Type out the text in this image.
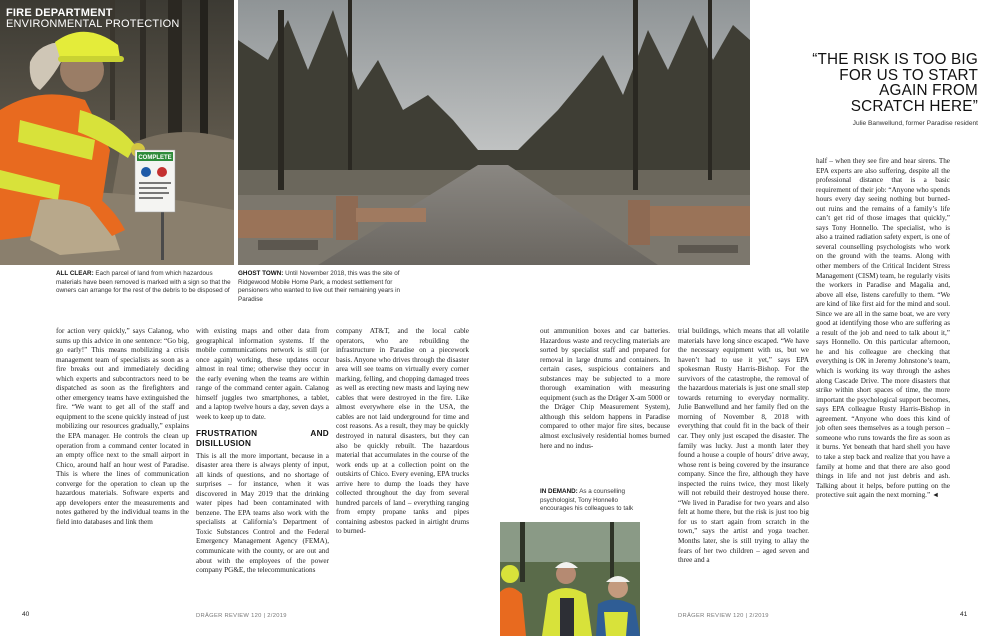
COMPLETE
FIRE DEPARTMENT
ENVIRONMENTAL PROTECTION
ALL CLEAR: Each parcel of land from which hazardous materials have been removed is marked with a sign so that the owners can arrange for the rest of the debris to be disposed of
GHOST TOWN: Until November 2018, this was the site of Ridgewood Mobile Home Park, a modest settlement for pensioners who wanted to live out their remaining years in Paradise
“THE RISK IS TOO BIG FOR US TO START AGAIN FROM SCRATCH HERE”
Julie Banwellund, former Paradise resident

for action very quickly,” says Calanog, who sums up this advice in one sentence: “Go big, go early!” This means mobilizing a crisis management team of specialists as soon as a fire breaks out and immediately deciding which experts and subcontractors need to be dispatched as soon as the firefighters and other emergency teams have extinguished the fire. “We want to get all of the staff and equipment to the scene quickly instead of just mobilizing our resources gradually,” explains the EPA manager. He controls the clean up operation from a command center located in an empty office next to the small airport in Chico, around half an hour west of Paradise. This is where the lines of communication converge for the operation to clean up the hazardous materials. Software experts and app developers enter the measurements and notes gathered by the individual teams in the field into databases and link them

with existing maps and other data from geographical information systems. If the mobile communications network is still (or once again) working, these updates occur almost in real time; otherwise they occur in the early evening when the teams are within range of the command center again. Calanog himself juggles two smartphones, a tablet, and a laptop twelve hours a day, seven days a week to keep up to date.

FRUSTRATION AND DISILLUSION

This is all the more important, because in a disaster area there is always plenty of input, all kinds of questions, and no shortage of surprises – for instance, when it was discovered in May 2019 that the drinking water pipes had been contaminated with benzene. The EPA teams also work with the specialists at California’s Department of Toxic Substances Control and the Federal Emergency Management Agency (FEMA), communicate with the county, or are out and about with the employees of the power company PG&E, the telecommunications

company AT&T, and the local cable operators, who are rebuilding the infrastructure in Paradise on a piecework basis. Anyone who drives through the disaster area will see teams on virtually every corner marking, felling, and chopping damaged trees as well as erecting new masts and laying new cables that were destroyed in the fire. Like almost everywhere else in the USA, the cables are not laid underground for time and cost reasons. As a result, they may be quickly destroyed in natural disasters, but they can also be quickly rebuilt. The hazardous material that accumulates in the course of the work ends up at a collection point on the outskirts of Chico. Every evening, EPA trucks arrive here to dump the loads they have collected throughout the day from several hundred parcels of land – everything ranging from empty propane tanks and pipes containing asbestos packed in airtight drums to burned-

out ammunition boxes and car batteries. Hazardous waste and recycling materials are sorted by specialist staff and prepared for removal in large drums and containers. In certain cases, suspicious containers and substances may be subjected to a more thorough examination with measuring equipment (such as the Dräger X-am 5000 or the Dräger Chip Measurement System), although this seldom happens in Paradise compared to other major fire sites, because almost exclusively residential homes burned here and no indus-

IN DEMAND: As a counselling psychologist, Tony Honnello encourages his colleagues to talk

trial buildings, which means that all volatile materials have long since escaped. “We have the necessary equipment with us, but we haven’t had to use it yet,” says EPA spokesman Rusty Harris-Bishop. For the survivors of the catastrophe, the removal of the hazardous materials is just one small step towards returning to everyday normality. Julie Banwellund and her family fled on the morning of November 8, 2018 with everything that could fit in the back of their car. They only just escaped the disaster. The family was lucky. Just a month later they found a house a couple of hours’ drive away, whose rent is being covered by the insurance company. Since the fire, although they have inspected the ruins twice, they most likely will not rebuild their destroyed house there. “We lived in Paradise for two years and also felt at home there, but the risk is just too big for us to start again from scratch in the town,” says the artist and yoga teacher. Months later, she is still trying to allay the fears of her two children – aged seven and three and a

half – when they see fire and hear sirens. The EPA experts are also suffering, despite all the professional distance that is a basic requirement of their job: “Anyone who spends hours every day seeing nothing but burned-out ruins and the remains of a family’s life can’t get rid of those images that quickly,” says Tony Honnello. The specialist, who is also a trained radiation safety expert, is one of several counselling psychologists who work on the ground with the teams. Along with other members of the Critical Incident Stress Management (CISM) team, he regularly visits the workers in Paradise and Magalia and, above all else, listens carefully to them. “We are kind of like first aid for the mind and soul. Since we are all in the same boat, we are very good at identifying those who are suffering as a result of the job and need to talk about it,” says Honnello. On this particular afternoon, he and his colleague are checking that everything is OK in Jeremy Johnstone’s team, which is working its way through the ashes along Cascade Drive. The more disasters that strike within short spaces of time, the more important the psychological support becomes, says EPA colleague Rusty Harris-Bishop in agreement. “Anyone who does this kind of job often sees themselves as a tough person – someone who runs towards the fire as soon as it burns. Yet beneath that hard shell you have to take a step back and realize that you have a family at home and that there are also good things in life and not just debris and ash. Talking about it helps, before putting on the protective suit again the next morning.” ◄

40	DRÄGER REVIEW 120 | 2/2019	DRÄGER REVIEW 120 | 2/2019	41
